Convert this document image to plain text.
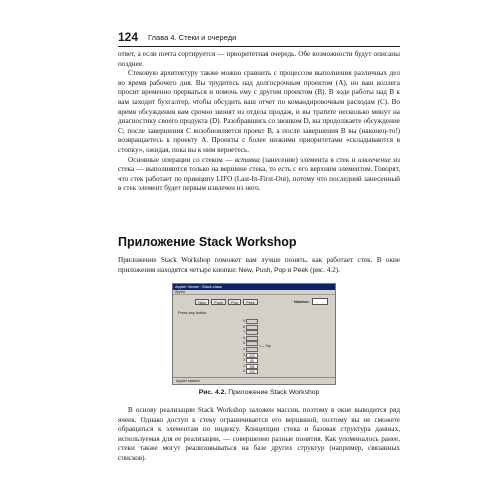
124 Глава 4. Стеки и очереди

ответ, а если почта сортируется — приоритетная очередь. Обе возможности будут описаны позднее.

Стековую архитектуру также можно сравнить с процессом выполнения различных дел во время рабочего дня. Вы трудитесь над долгосрочным проектом (A), но ваш коллега просит временно прерваться и помочь ему с другим проектом (B). В ходе работы над B к вам заходит бухгалтер, чтобы обсудить ваш отчет по командировочным расходам (C). Во время обсуждения вам срочно звонят из отдела продаж, и вы тратите несколько минут на диагностику своего продукта (D). Разобравшись со звонком D, вы продолжаете обсуждение C; после завершения C возобновляется проект B, а после завершения B вы (наконец-то!) возвращаетесь к проекту A. Проекты с более низкими приоритетами «складываются в стопку», ожидая, пока вы к ним вернетесь.

Основные операции со стеком — вставка (занесение) элемента в стек и извлечение из стека — выполняются только на вершине стека, то есть с его верхним элементом. Говорят, что стек работает по принципу LIFO (Last-In-First-Out), потому что последний занесенный в стек элемент будет первым извлечен из него.

Приложение Stack Workshop

Приложение Stack Workshop поможет вам лучше понять, как работает стек. В окне приложения находятся четыре кнопки: New, Push, Pop и Peek (рис. 4.2).

Applet Viewer: Stack.class
Applet
New	Push	Pop	Peek	Number:
Press any button
9
8
7
6
5
4
3	329
2	65
1	286
0	255
<— Top
Applet started.
Рис. 4.2. Приложение Stack Workshop

В основу реализации Stack Workshop заложен массив, поэтому в окне выводится ряд ячеек. Однако доступ к стеку ограничивается его вершиной, поэтому вы не сможете обращаться к элементам по индексу. Концепции стека и базовая структура данных, используемая для ее реализации, — совершенно разные понятия. Как упоминалось ранее, стеки также могут реализовываться на базе других структур (например, связанных списков).
